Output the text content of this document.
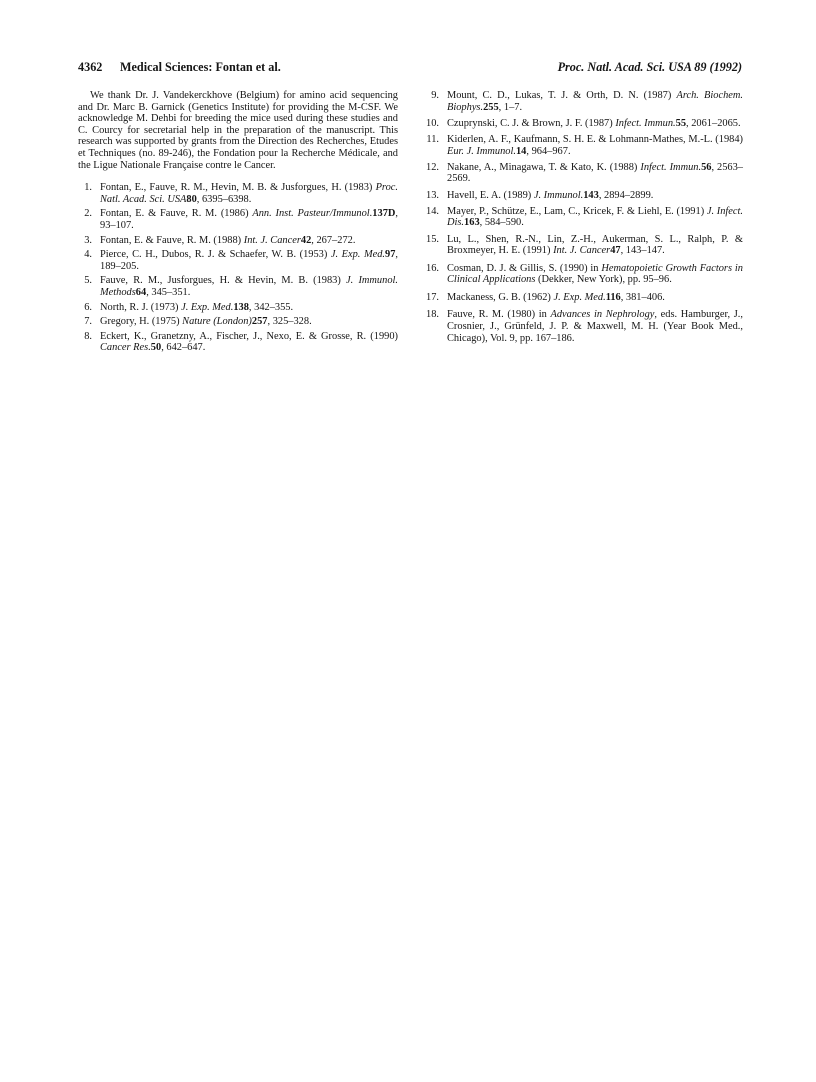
4362 Medical Sciences: Fontan et al.	Proc. Natl. Acad. Sci. USA 89 (1992)

We thank Dr. J. Vandekerckhove (Belgium) for amino acid sequencing and Dr. Marc B. Garnick (Genetics Institute) for providing the M-CSF. We acknowledge M. Dehbi for breeding the mice used during these studies and C. Courcy for secretarial help in the preparation of the manuscript. This research was supported by grants from the Direction des Recherches, Etudes et Techniques (no. 89-246), the Fondation pour la Recherche Médicale, and the Ligue Nationale Française contre le Cancer.

1. Fontan, E., Fauve, R. M., Hevin, M. B. & Jusforgues, H. (1983) Proc. Natl. Acad. Sci. USA80, 6395–6398.
2. Fontan, E. & Fauve, R. M. (1986) Ann. Inst. Pasteur/Immunol.137D, 93–107.
3. Fontan, E. & Fauve, R. M. (1988) Int. J. Cancer42, 267–272.
4. Pierce, C. H., Dubos, R. J. & Schaefer, W. B. (1953) J. Exp. Med.97, 189–205.
5. Fauve, R. M., Jusforgues, H. & Hevin, M. B. (1983) J. Immunol. Methods64, 345–351.
6. North, R. J. (1973) J. Exp. Med.138, 342–355.
7. Gregory, H. (1975) Nature (London)257, 325–328.
8. Eckert, K., Granetzny, A., Fischer, J., Nexo, E. & Grosse, R. (1990) Cancer Res.50, 642–647.
9. Mount, C. D., Lukas, T. J. & Orth, D. N. (1987) Arch. Biochem. Biophys.255, 1–7.
10. Czuprynski, C. J. & Brown, J. F. (1987) Infect. Immun.55, 2061–2065.
11. Kiderlen, A. F., Kaufmann, S. H. E. & Lohmann-Mathes, M.-L. (1984) Eur. J. Immunol.14, 964–967.
12. Nakane, A., Minagawa, T. & Kato, K. (1988) Infect. Immun.56, 2563–2569.
13. Havell, E. A. (1989) J. Immunol.143, 2894–2899.
14. Mayer, P., Schütze, E., Lam, C., Kricek, F. & Liehl, E. (1991) J. Infect. Dis.163, 584–590.
15. Lu, L., Shen, R.-N., Lin, Z.-H., Aukerman, S. L., Ralph, P. & Broxmeyer, H. E. (1991) Int. J. Cancer47, 143–147.
16. Cosman, D. J. & Gillis, S. (1990) in Hematopoietic Growth Factors in Clinical Applications (Dekker, New York), pp. 95–96.
17. Mackaness, G. B. (1962) J. Exp. Med.116, 381–406.
18. Fauve, R. M. (1980) in Advances in Nephrology, eds. Hamburger, J., Crosnier, J., Grünfeld, J. P. & Maxwell, M. H. (Year Book Med., Chicago), Vol. 9, pp. 167–186.
